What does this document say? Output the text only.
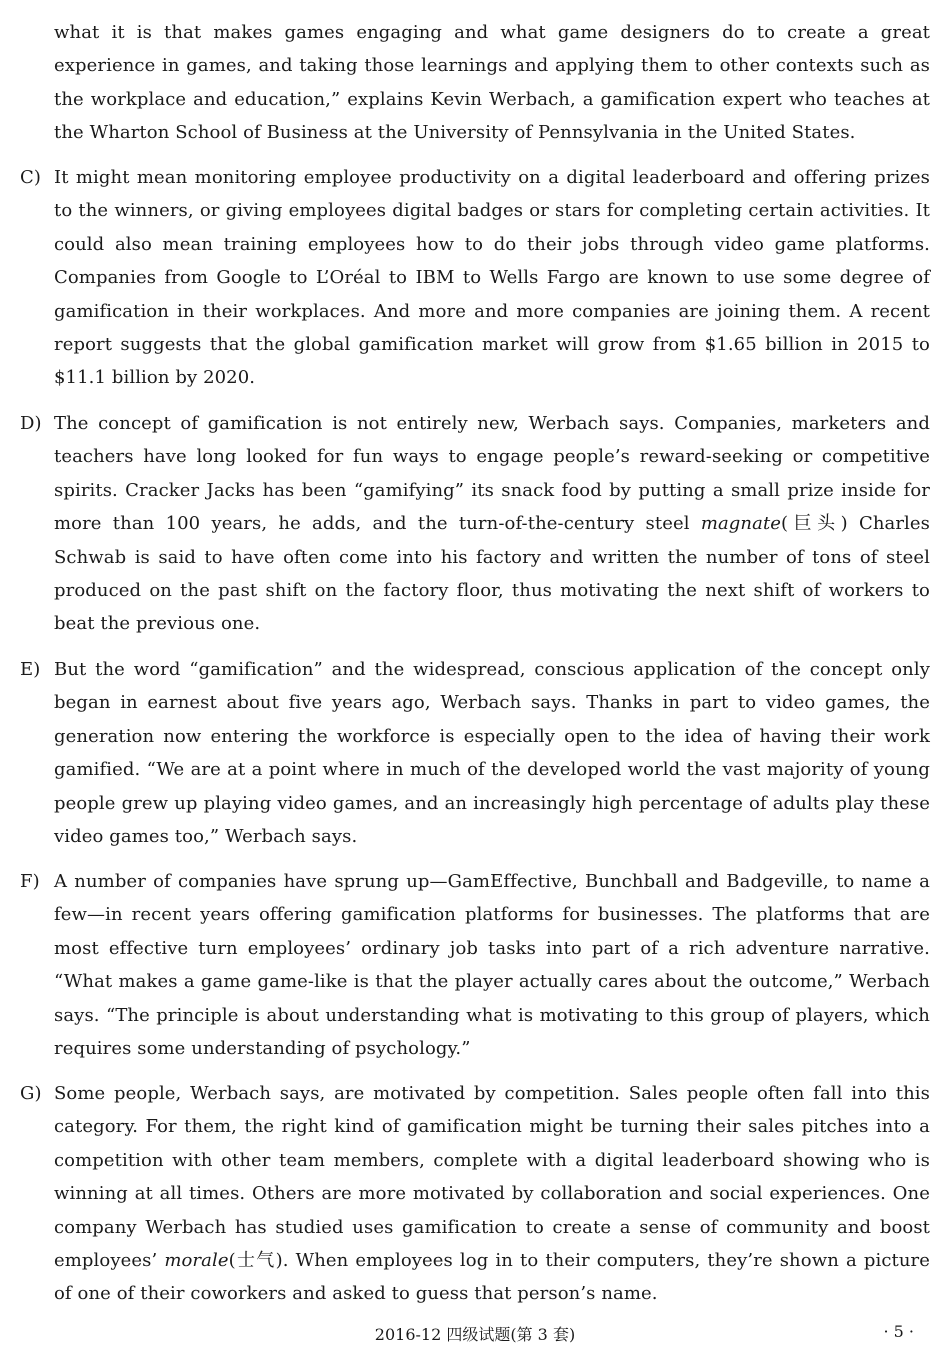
what it is that makes games engaging and what game designers do to create a great experience in games, and taking those learnings and applying them to other contexts such as the workplace and education,” explains Kevin Werbach, a gamification expert who teaches at the Wharton School of Business at the University of Pennsylvania in the United States.
C) It might mean monitoring employee productivity on a digital leaderboard and offering prizes to the winners, or giving employees digital badges or stars for completing certain activities. It could also mean training employees how to do their jobs through video game platforms. Companies from Google to L’Oréal to IBM to Wells Fargo are known to use some degree of gamification in their workplaces. And more and more companies are joining them. A recent report suggests that the global gamification market will grow from $1.65 billion in 2015 to $11.1 billion by 2020.
D) The concept of gamification is not entirely new, Werbach says. Companies, marketers and teachers have long looked for fun ways to engage people’s reward-seeking or competitive spirits. Cracker Jacks has been “gamifying” its snack food by putting a small prize inside for more than 100 years, he adds, and the turn-of-the-century steel magnate(巨头) Charles Schwab is said to have often come into his factory and written the number of tons of steel produced on the past shift on the factory floor, thus motivating the next shift of workers to beat the previous one.
E) But the word “gamification” and the widespread, conscious application of the concept only began in earnest about five years ago, Werbach says. Thanks in part to video games, the generation now entering the workforce is especially open to the idea of having their work gamified. “We are at a point where in much of the developed world the vast majority of young people grew up playing video games, and an increasingly high percentage of adults play these video games too,” Werbach says.
F) A number of companies have sprung up—GamEffective, Bunchball and Badgeville, to name a few—in recent years offering gamification platforms for businesses. The platforms that are most effective turn employees’ ordinary job tasks into part of a rich adventure narrative. “What makes a game game-like is that the player actually cares about the outcome,” Werbach says. “The principle is about understanding what is motivating to this group of players, which requires some understanding of psychology.”
G) Some people, Werbach says, are motivated by competition. Sales people often fall into this category. For them, the right kind of gamification might be turning their sales pitches into a competition with other team members, complete with a digital leaderboard showing who is winning at all times. Others are more motivated by collaboration and social experiences. One company Werbach has studied uses gamification to create a sense of community and boost employees’ morale(士气). When employees log in to their computers, they’re shown a picture of one of their coworkers and asked to guess that person’s name.
2016-12 四级试题(第 3 套)	· 5 ·
